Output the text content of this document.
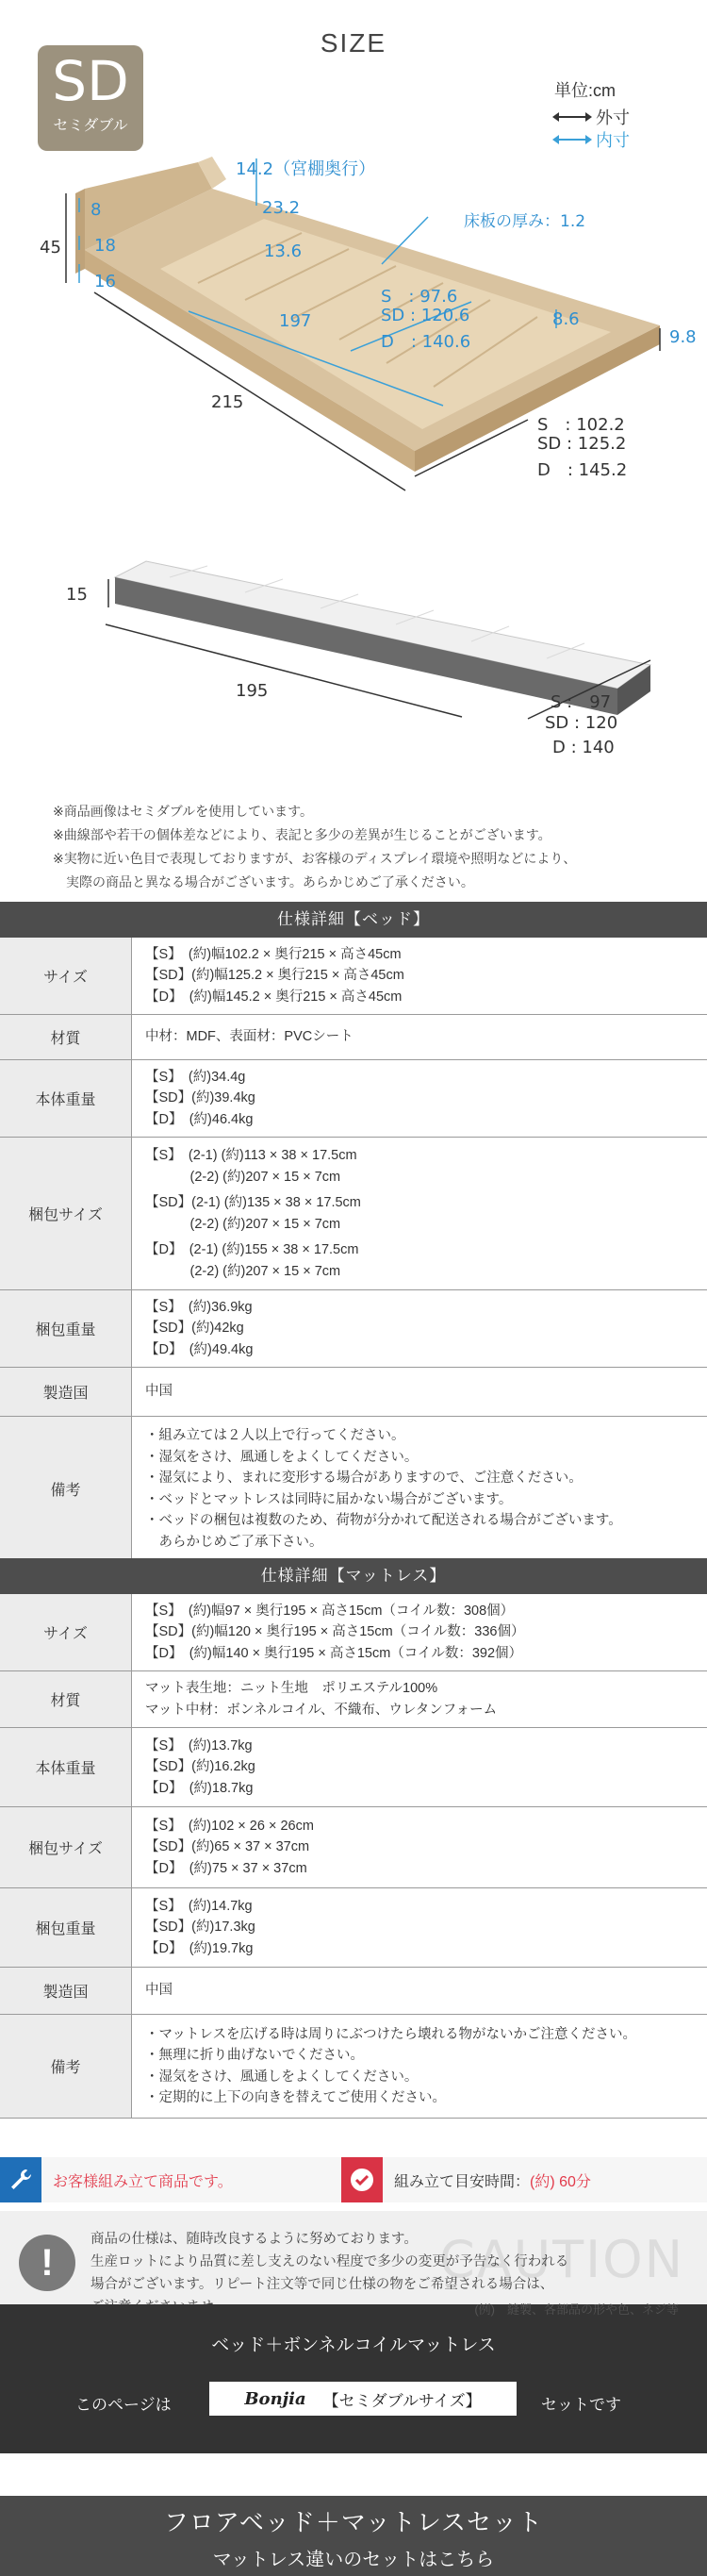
SIZE
SD
セミダブル
単位:cm
外寸
内寸
14.2（宮棚奥行）
8	23.2
45 18	13.6
16
床板の厚み：1.2
S　: 97.6
SD : 120.6
D　: 140.6
197	8.6
9.8
215
S　: 102.2
SD : 125.2
D　: 145.2
15
195
S :　97
SD : 120
D : 140
※商品画像はセミダブルを使用しています。
※曲線部や若干の個体差などにより、表記と多少の差異が生じることがございます。
※実物に近い色目で表現しておりますが、お客様のディスプレイ環境や照明などにより、
　実際の商品と異なる場合がございます。あらかじめご了承ください。
仕様詳細【ベッド】
サイズ
【S】　(約)幅102.2 × 奥行215 × 高さ45cm
【SD】(約)幅125.2 × 奥行215 × 高さ45cm
【D】　(約)幅145.2 × 奥行215 × 高さ45cm
材質	中材：MDF、表面材：PVCシート
本体重量
【S】　(約)34.4g
【SD】(約)39.4kg
【D】　(約)46.4kg
梱包サイズ
【S】　(2-1) (約)113 × 38 × 17.5cm
　　　 (2-2) (約)207 × 15 × 7cm
【SD】(2-1) (約)135 × 38 × 17.5cm
　　　 (2-2) (約)207 × 15 × 7cm
【D】　(2-1) (約)155 × 38 × 17.5cm
　　　 (2-2) (約)207 × 15 × 7cm
梱包重量
【S】　(約)36.9kg
【SD】(約)42kg
【D】　(約)49.4kg
製造国	中国
備考
・組み立ては２人以上で行ってください。
・湿気をさけ、風通しをよくしてください。
・湿気により、まれに変形する場合がありますので、ご注意ください。
・ベッドとマットレスは同時に届かない場合がございます。
・ベッドの梱包は複数のため、荷物が分かれて配送される場合がございます。
　あらかじめご了承下さい。
仕様詳細【マットレス】
サイズ
【S】　(約)幅97 × 奥行195 × 高さ15cm（コイル数：308個）
【SD】(約)幅120 × 奥行195 × 高さ15cm（コイル数：336個）
【D】　(約)幅140 × 奥行195 × 高さ15cm（コイル数：392個）
材質
マット表生地：ニット生地　ポリエステル100%
マット中材：ボンネルコイル、不織布、ウレタンフォーム
本体重量
【S】　(約)13.7kg
【SD】(約)16.2kg
【D】　(約)18.7kg
梱包サイズ
【S】　(約)102 × 26 × 26cm
【SD】(約)65 × 37 × 37cm
【D】　(約)75 × 37 × 37cm
梱包重量
【S】　(約)14.7kg
【SD】(約)17.3kg
【D】　(約)19.7kg
製造国	中国
備考
・マットレスを広げる時は周りにぶつけたら壊れる物がないかご注意ください。
・無理に折り曲げないでください。
・湿気をさけ、風通しをよくしてください。
・定期的に上下の向きを替えてご使用ください。
お客様組み立て商品です。	組み立て目安時間：(約) 60分
!	CAUTION
商品の仕様は、随時改良するように努めております。
生産ロットにより品質に差し支えのない程度で多少の変更が予告なく行われる
場合がございます。リピート注文等で同じ仕様の物をご希望される場合は、
ベッド＋ボンネルコイルマットレス
このページは	Bonjia 【セミダブルサイズ】	セットです
(例)　縫製、各部品の形や色、ネジ等
フロアベッド＋マットレスセット
マットレス違いのセットはこちら
